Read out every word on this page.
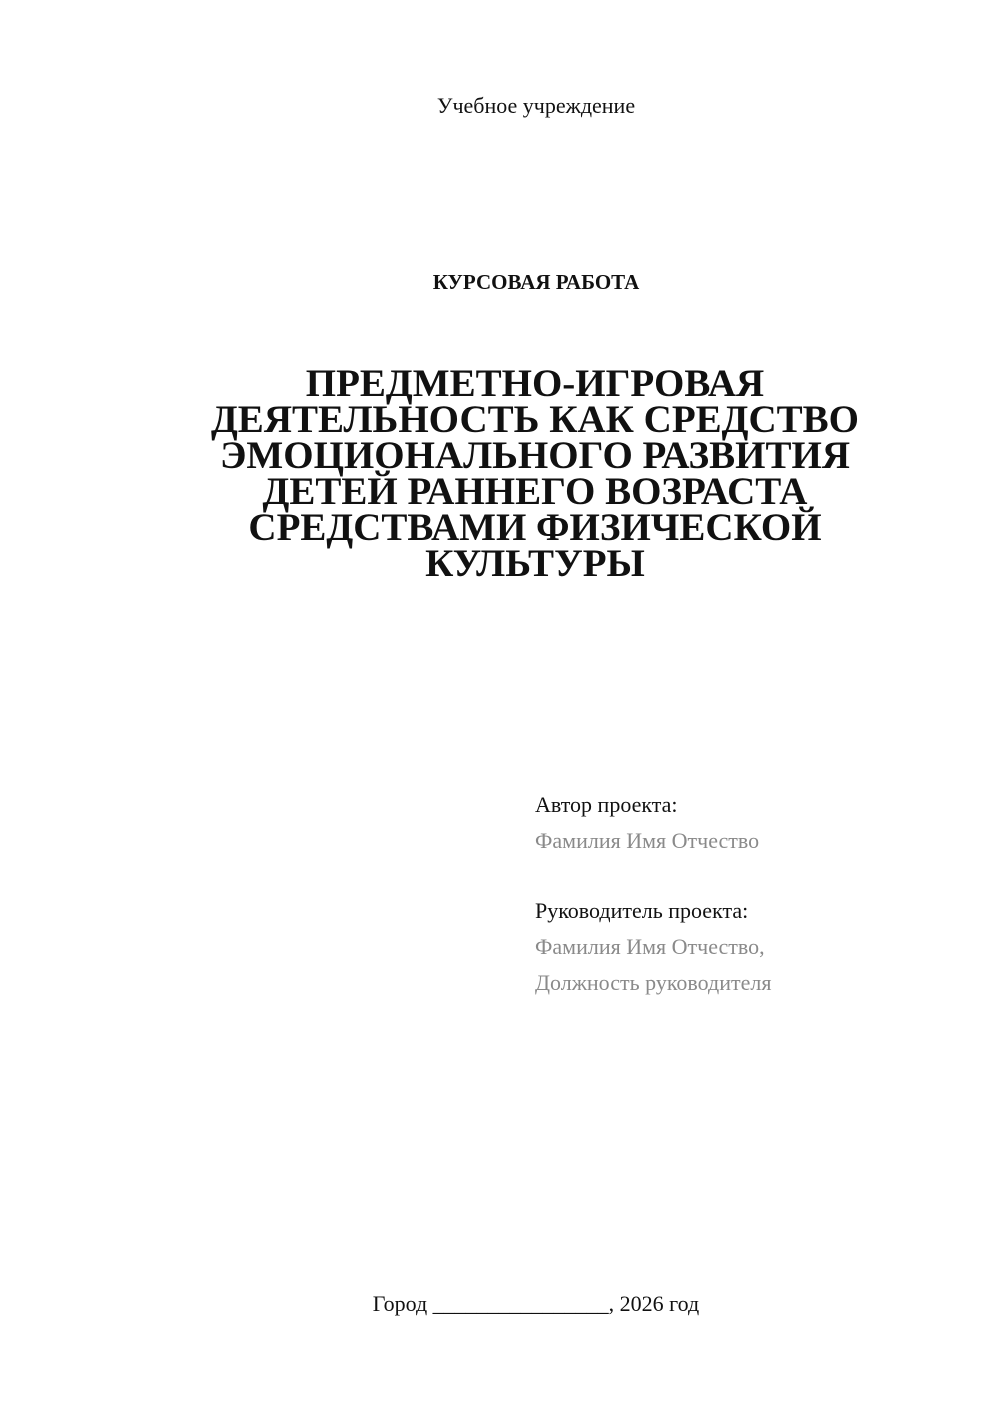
Учебное учреждение
КУРСОВАЯ РАБОТА
ПРЕДМЕТНО-ИГРОВАЯ
ДЕЯТЕЛЬНОСТЬ КАК СРЕДСТВО
ЭМОЦИОНАЛЬНОГО РАЗВИТИЯ
ДЕТЕЙ РАННЕГО ВОЗРАСТА
СРЕДСТВАМИ ФИЗИЧЕСКОЙ
КУЛЬТУРЫ
Автор проекта:
Фамилия Имя Отчество
Руководитель проекта:
Фамилия Имя Отчество,
Должность руководителя
Город ________________, 2026 год
